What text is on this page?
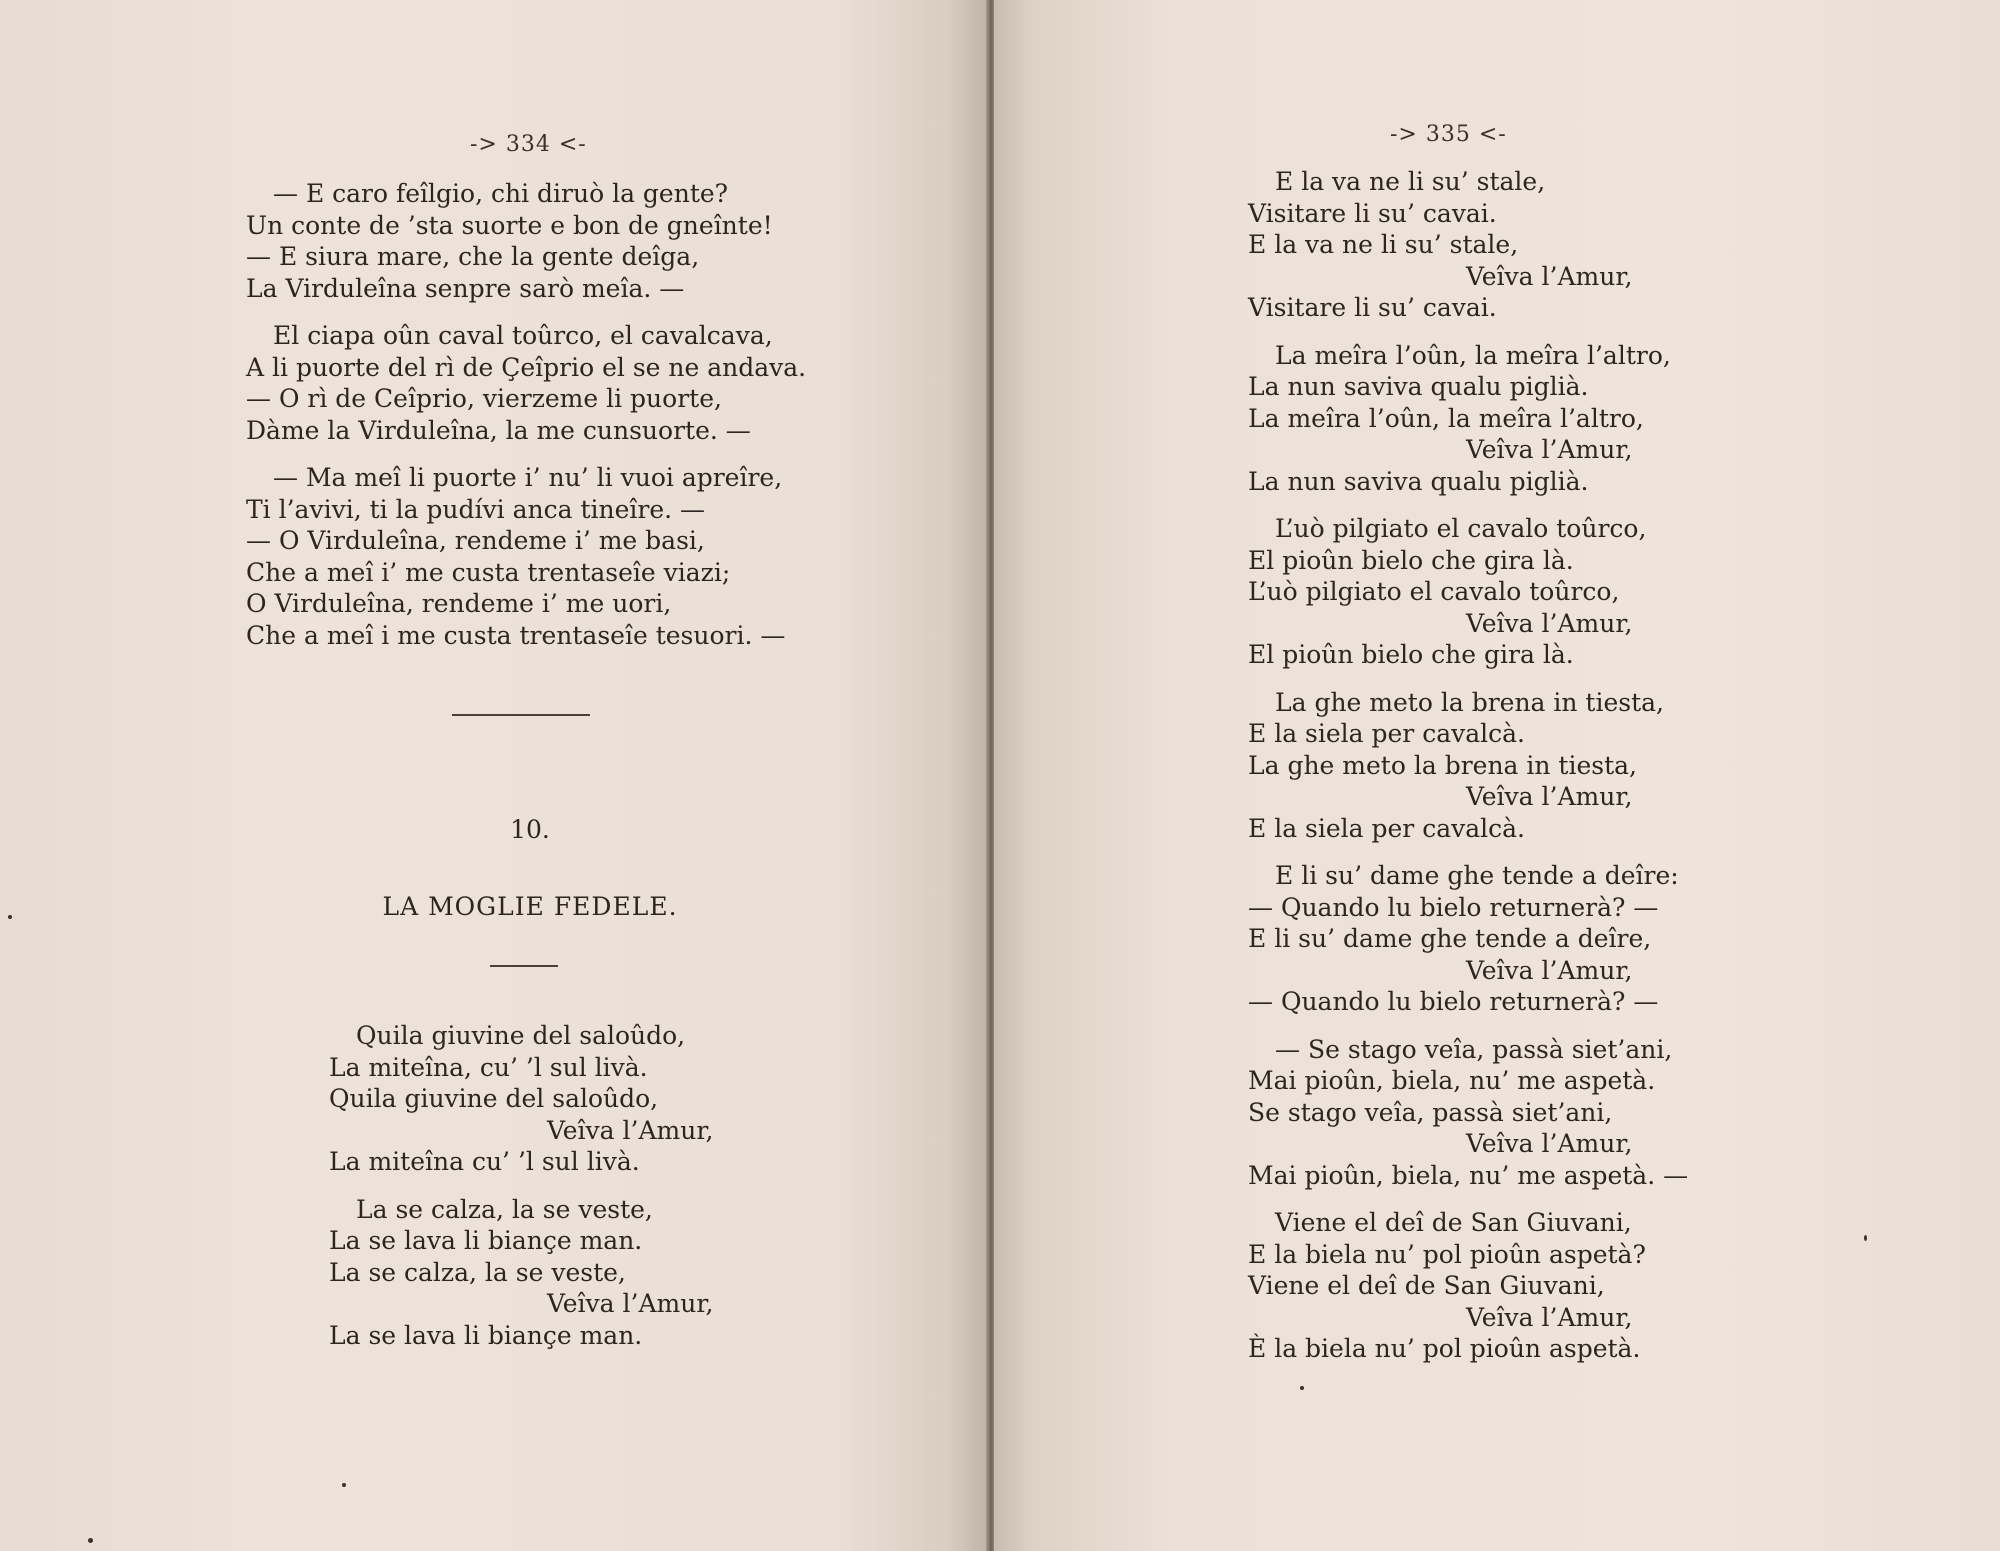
-> 334 <-
— E caro feîlgio, chi diruò la gente?
Un conte de ’sta suorte e bon de gneînte!
— E siura mare, che la gente deîga,
La Virduleîna senpre sarò meîa. —
El ciapa oûn caval toûrco, el cavalcava,
A li puorte del rì de Çeîprio el se ne andava.
— O rì de Ceîprio, vierzeme li puorte,
Dàme la Virduleîna, la me cunsuorte. —
— Ma meî li puorte i’ nu’ li vuoi apreîre,
Ti l’avivi, ti la pudívi anca tineîre. —
— O Virduleîna, rendeme i’ me basi,
Che a meî i’ me custa trentaseîe viazi;
O Virduleîna, rendeme i’ me uori,
Che a meî i me custa trentaseîe tesuori. —
10.
LA MOGLIE FEDELE.
Quila giuvine del saloûdo,
La miteîna, cu’ ’l sul livà.
Quila giuvine del saloûdo,
Veîva l’Amur,
La miteîna cu’ ’l sul livà.
La se calza, la se veste,
La se lava li biançe man.
La se calza, la se veste,
Veîva l’Amur,
La se lava li biançe man.
-> 335 <-
E la va ne li su’ stale,
Visitare li su’ cavai.
E la va ne li su’ stale,
Veîva l’Amur,
Visitare li su’ cavai.
La meîra l’oûn, la meîra l’altro,
La nun saviva qualu piglià.
La meîra l’oûn, la meîra l’altro,
Veîva l’Amur,
La nun saviva qualu piglià.
L’uò pilgiato el cavalo toûrco,
El pioûn bielo che gira là.
L’uò pilgiato el cavalo toûrco,
Veîva l’Amur,
El pioûn bielo che gira là.
La ghe meto la brena in tiesta,
E la siela per cavalcà.
La ghe meto la brena in tiesta,
Veîva l’Amur,
E la siela per cavalcà.
E li su’ dame ghe tende a deîre:
— Quando lu bielo returnerà? —
E li su’ dame ghe tende a deîre,
Veîva l’Amur,
— Quando lu bielo returnerà? —
— Se stago veîa, passà siet’ani,
Mai pioûn, biela, nu’ me aspetà.
Se stago veîa, passà siet’ani,
Veîva l’Amur,
Mai pioûn, biela, nu’ me aspetà. —
Viene el deî de San Giuvani,
E la biela nu’ pol pioûn aspetà?
Viene el deî de San Giuvani,
Veîva l’Amur,
È la biela nu’ pol pioûn aspetà.
